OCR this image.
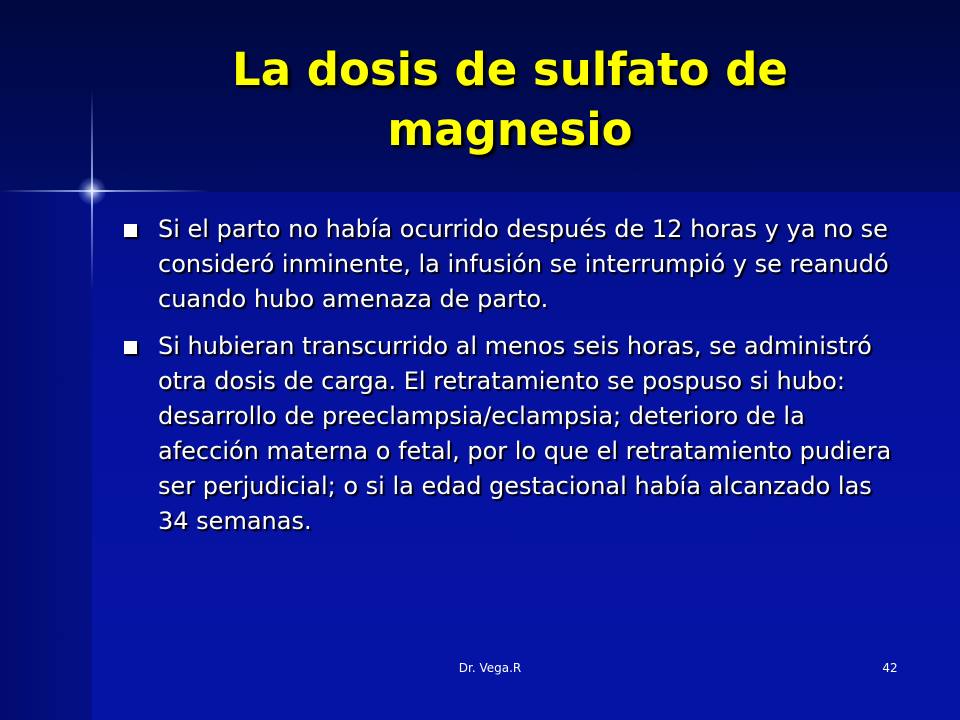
La dosis de sulfato de magnesio
Si el parto no había ocurrido después de 12 horas y ya no se consideró inminente, la infusión se interrumpió y se reanudó cuando hubo amenaza de parto.
Si hubieran transcurrido al menos seis horas, se administró otra dosis de carga. El retratamiento se pospuso si hubo: desarrollo de preeclampsia/eclampsia; deterioro de la afección materna o fetal, por lo que el retratamiento pudiera ser perjudicial; o si la edad gestacional había alcanzado las 34 semanas.
Dr. Vega.R	42
